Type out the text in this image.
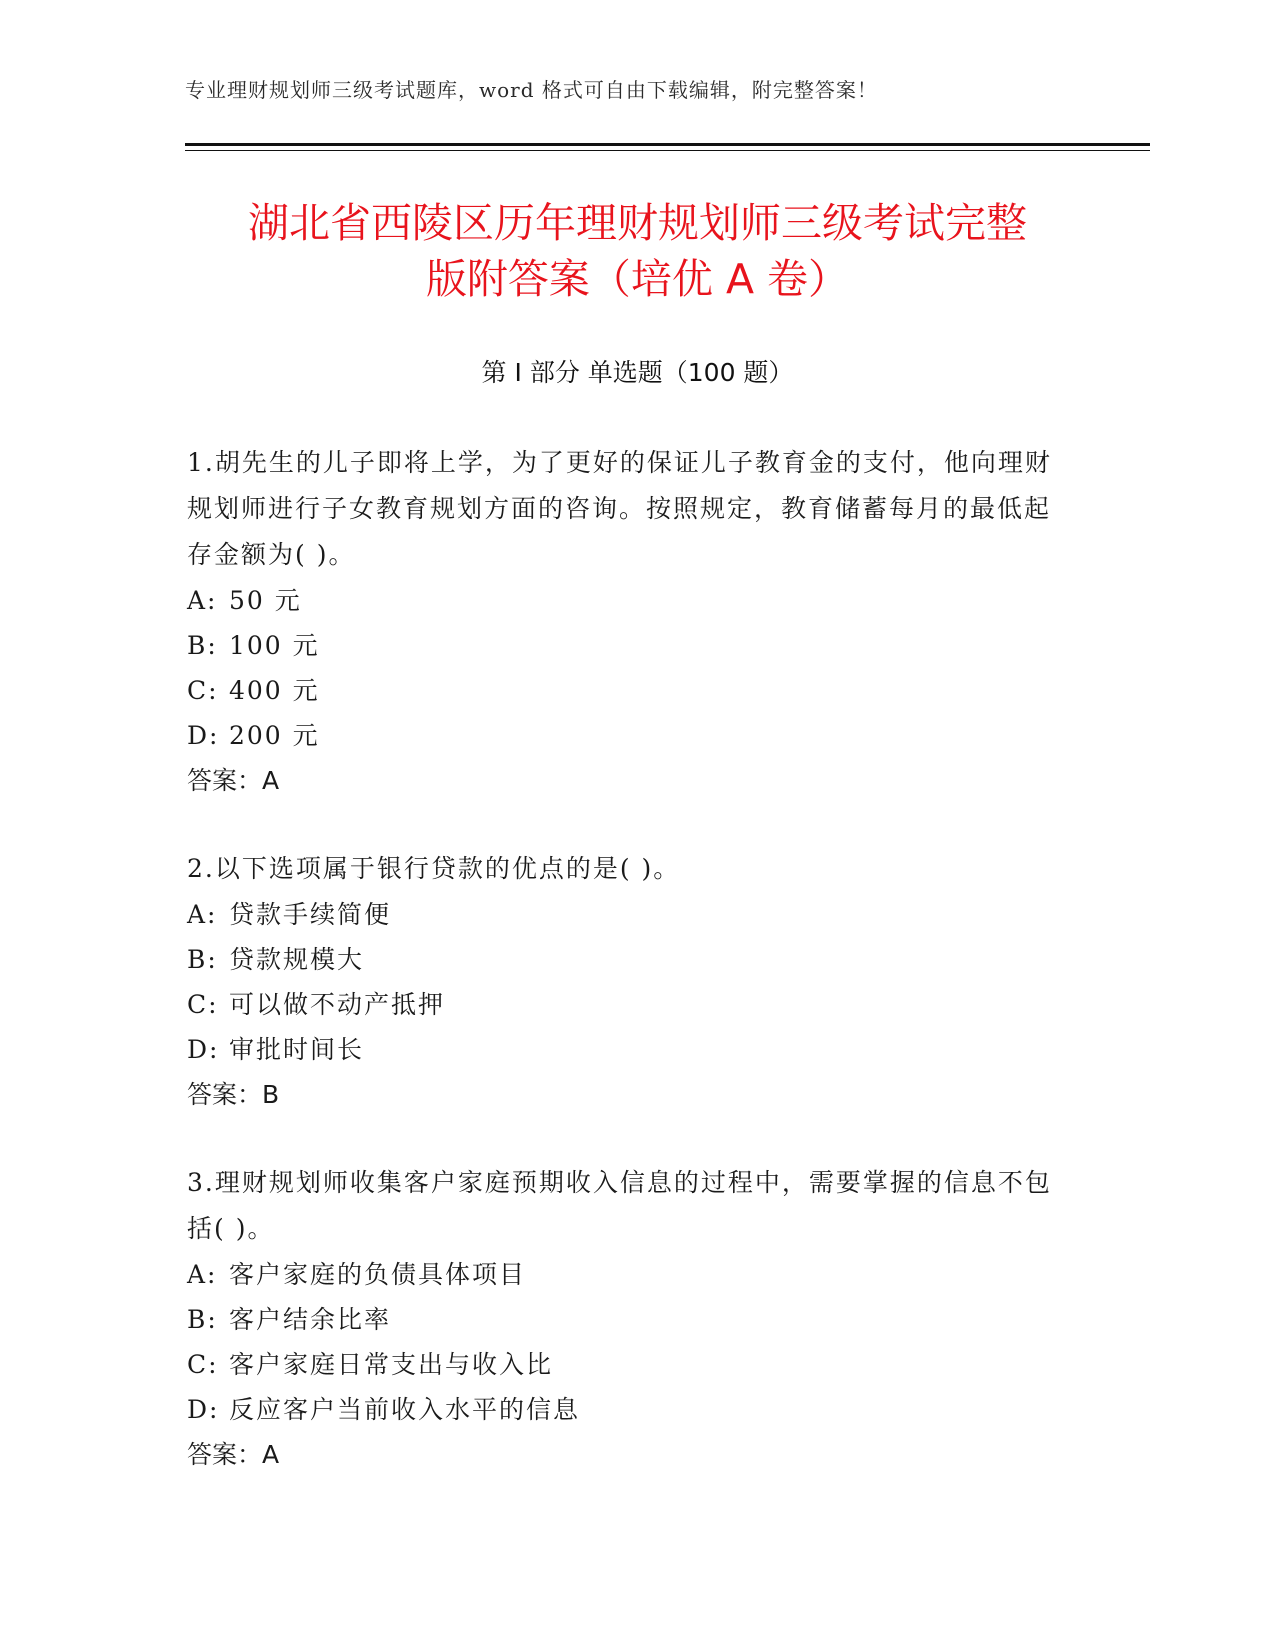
专业理财规划师三级考试题库，word 格式可自由下载编辑，附完整答案！
湖北省西陵区历年理财规划师三级考试完整
版附答案（培优 A 卷）
第 I 部分 单选题（100 题）
1.胡先生的儿子即将上学，为了更好的保证儿子教育金的支付，他向理财规划师进行子女教育规划方面的咨询。按照规定，教育储蓄每月的最低起存金额为( )。
A: 50 元
B: 100 元
C: 400 元
D: 200 元
答案：A
2.以下选项属于银行贷款的优点的是( )。
A: 贷款手续简便
B: 贷款规模大
C: 可以做不动产抵押
D: 审批时间长
答案：B
3.理财规划师收集客户家庭预期收入信息的过程中，需要掌握的信息不包括( )。
A: 客户家庭的负债具体项目
B: 客户结余比率
C: 客户家庭日常支出与收入比
D: 反应客户当前收入水平的信息
答案：A
